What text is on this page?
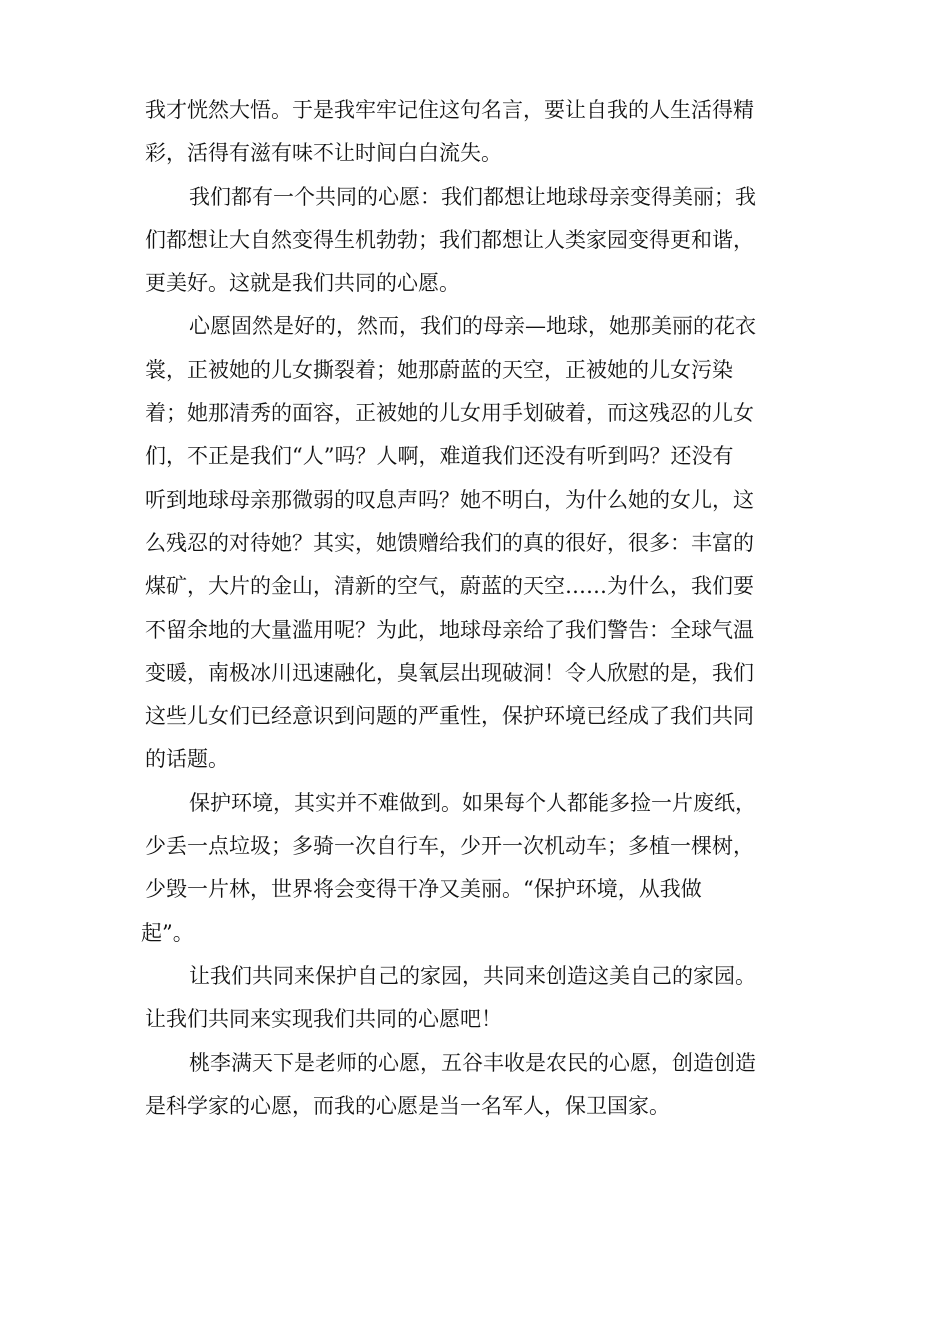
我才恍然大悟。于是我牢牢记住这句名言，要让自我的人生活得精
彩，活得有滋有味不让时间白白流失。
我们都有一个共同的心愿：我们都想让地球母亲变得美丽；我
们都想让大自然变得生机勃勃；我们都想让人类家园变得更和谐，
更美好。这就是我们共同的心愿。
心愿固然是好的，然而，我们的母亲—地球，她那美丽的花衣
裳，正被她的儿女撕裂着；她那蔚蓝的天空，正被她的儿女污染
着；她那清秀的面容，正被她的儿女用手划破着，而这残忍的儿女
们，不正是我们“人”吗？人啊，难道我们还没有听到吗？还没有
听到地球母亲那微弱的叹息声吗？她不明白，为什么她的女儿，这
么残忍的对待她？其实，她馈赠给我们的真的很好，很多：丰富的
煤矿，大片的金山，清新的空气，蔚蓝的天空……为什么，我们要
不留余地的大量滥用呢？为此，地球母亲给了我们警告：全球气温
变暖，南极冰川迅速融化，臭氧层出现破洞！令人欣慰的是，我们
这些儿女们已经意识到问题的严重性，保护环境已经成了我们共同
的话题。
保护环境，其实并不难做到。如果每个人都能多捡一片废纸，
少丢一点垃圾；多骑一次自行车，少开一次机动车；多植一棵树，
少毁一片林，世界将会变得干净又美丽。“保护环境，从我做
起”。
让我们共同来保护自己的家园，共同来创造这美自己的家园。
让我们共同来实现我们共同的心愿吧！
桃李满天下是老师的心愿，五谷丰收是农民的心愿，创造创造
是科学家的心愿，而我的心愿是当一名军人，保卫国家。
